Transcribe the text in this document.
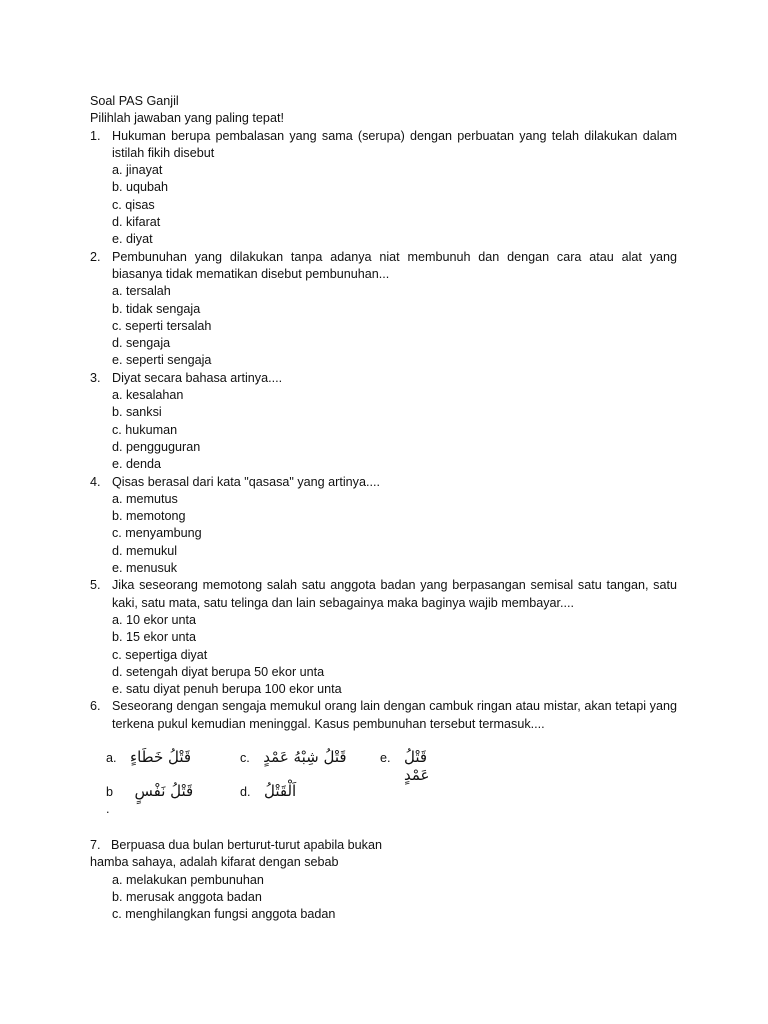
Soal PAS Ganjil
Pilihlah jawaban yang paling tepat!
1. Hukuman berupa pembalasan yang sama (serupa) dengan perbuatan yang telah dilakukan dalam istilah fikih disebut
a. jinayat
b. uqubah
c. qisas
d. kifarat
e. diyat
2. Pembunuhan yang dilakukan tanpa adanya niat membunuh dan dengan cara atau alat yang biasanya tidak mematikan disebut pembunuhan...
a. tersalah
b. tidak sengaja
c. seperti tersalah
d. sengaja
e. seperti sengaja
3. Diyat secara bahasa artinya....
a. kesalahan
b. sanksi
c. hukuman
d. pengguguran
e. denda
4. Qisas berasal dari kata "qasasa" yang artinya....
a. memutus
b. memotong
c. menyambung
d. memukul
e. menusuk
5. Jika seseorang memotong salah satu anggota badan yang berpasangan semisal satu tangan, satu kaki, satu mata, satu telinga dan lain sebagainya maka baginya wajib membayar....
a. 10 ekor unta
b. 15 ekor unta
c. sepertiga diyat
d. setengah diyat berupa 50 ekor unta
e. satu diyat penuh berupa 100 ekor unta
6. Seseorang dengan sengaja memukul orang lain dengan cambuk ringan atau mistar, akan tetapi yang terkena pukul kemudian meninggal. Kasus pembunuhan tersebut termasuk....
a. قَتْلُ خَطَاءٍ	c. قَتْلُ شِبْهُ عَمْدٍ	e. قَتْلُ
عَمْدٍ
b قَتْلُ نَفْسٍ
.
d. اَلْقَتْلُ
7.   Berpuasa dua bulan berturut-turut apabila bukan
hamba sahaya, adalah kifarat dengan sebab
a. melakukan pembunuhan
b. merusak anggota badan
c. menghilangkan fungsi anggota badan
